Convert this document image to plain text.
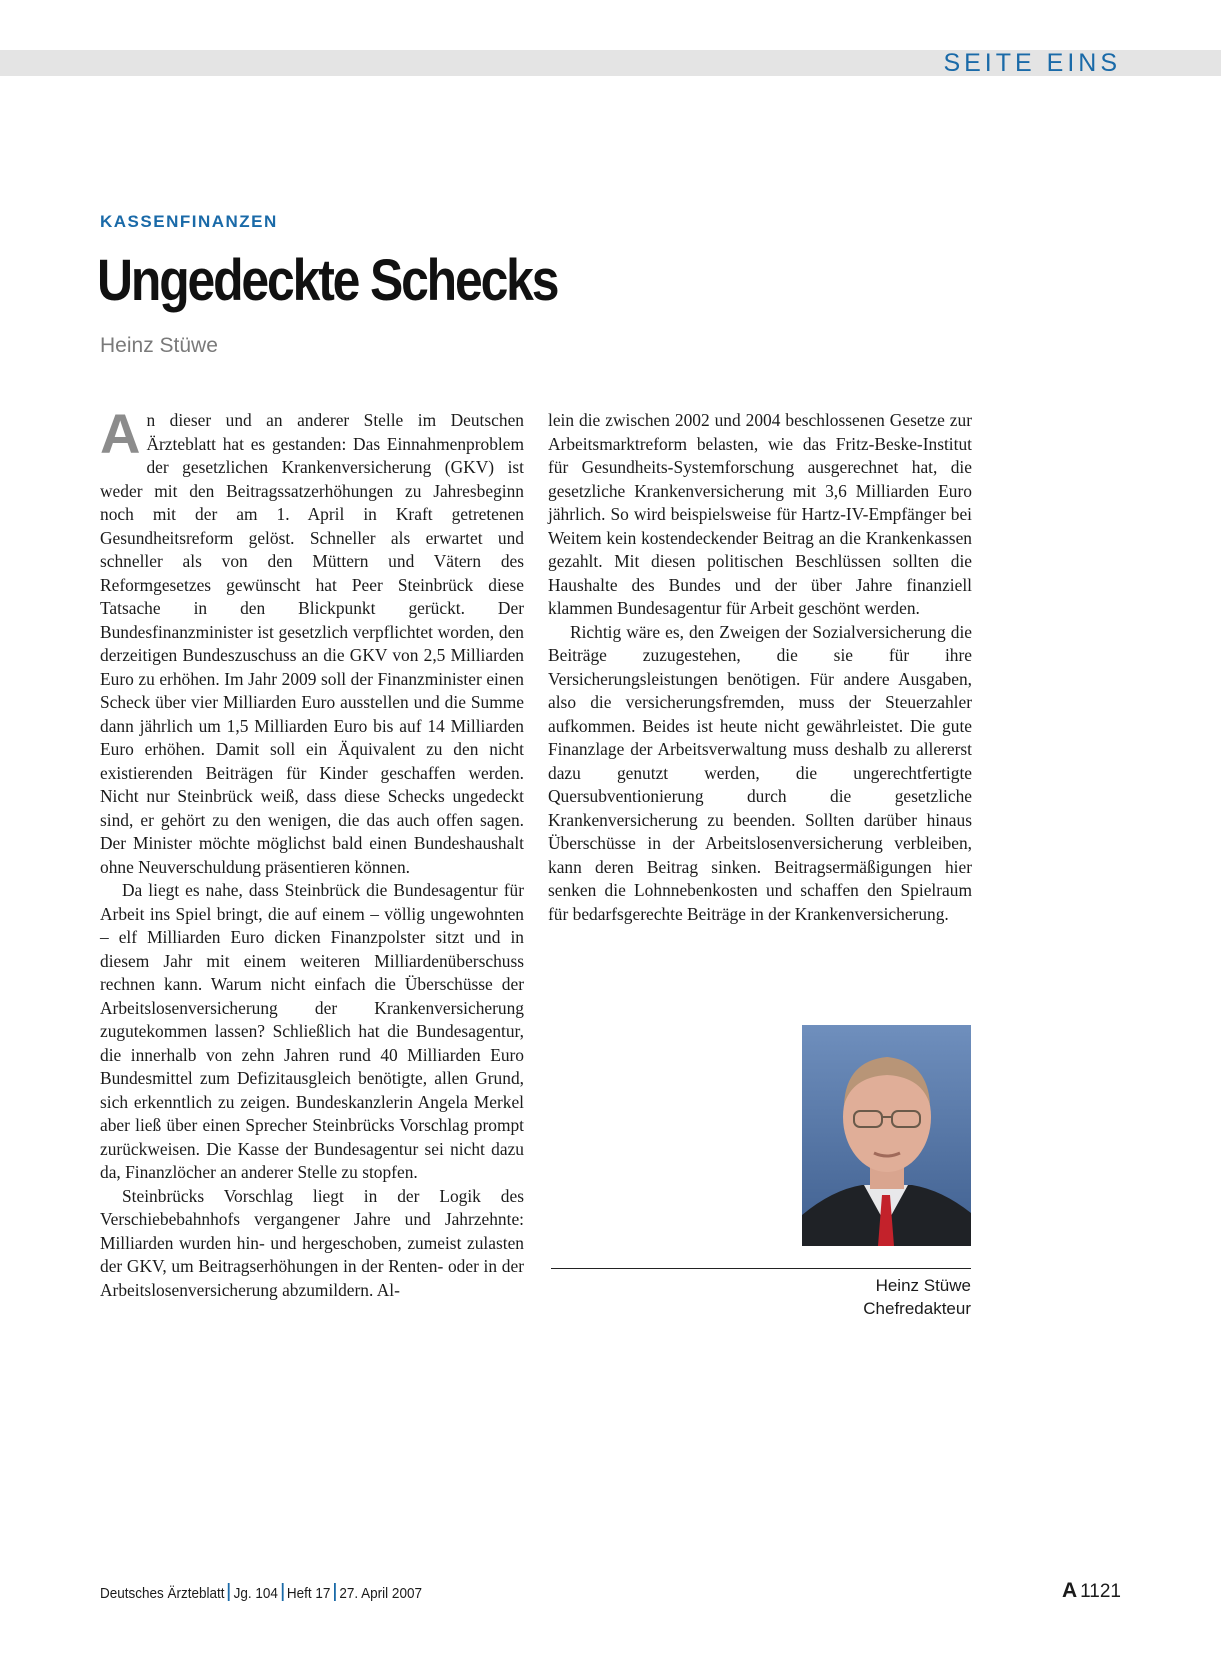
SEITE EINS
KASSENFINANZEN
Ungedeckte Schecks
Heinz Stüwe

An dieser und an anderer Stelle im Deutschen Ärzteblatt hat es gestanden: Das Einnahmenproblem der gesetzlichen Krankenversicherung (GKV) ist weder mit den Beitragssatzerhöhungen zu Jahresbeginn noch mit der am 1. April in Kraft getretenen Gesundheitsreform gelöst. Schneller als erwartet und schneller als von den Müttern und Vätern des Reformgesetzes gewünscht hat Peer Steinbrück diese Tatsache in den Blickpunkt gerückt. Der Bundesfinanzminister ist gesetzlich verpflichtet worden, den derzeitigen Bundeszuschuss an die GKV von 2,5 Milliarden Euro zu erhöhen. Im Jahr 2009 soll der Finanzminister einen Scheck über vier Milliarden Euro ausstellen und die Summe dann jährlich um 1,5 Milliarden Euro bis auf 14 Milliarden Euro erhöhen. Damit soll ein Äquivalent zu den nicht existierenden Beiträgen für Kinder geschaffen werden. Nicht nur Steinbrück weiß, dass diese Schecks ungedeckt sind, er gehört zu den wenigen, die das auch offen sagen. Der Minister möchte möglichst bald einen Bundeshaushalt ohne Neuverschuldung präsentieren können.

Da liegt es nahe, dass Steinbrück die Bundesagentur für Arbeit ins Spiel bringt, die auf einem – völlig ungewohnten – elf Milliarden Euro dicken Finanzpolster sitzt und in diesem Jahr mit einem weiteren Milliardenüberschuss rechnen kann. Warum nicht einfach die Überschüsse der Arbeitslosenversicherung der Krankenversicherung zugutekommen lassen? Schließlich hat die Bundesagentur, die innerhalb von zehn Jahren rund 40 Milliarden Euro Bundesmittel zum Defizitausgleich benötigte, allen Grund, sich erkenntlich zu zeigen. Bundeskanzlerin Angela Merkel aber ließ über einen Sprecher Steinbrücks Vorschlag prompt zurückweisen. Die Kasse der Bundesagentur sei nicht dazu da, Finanzlöcher an anderer Stelle zu stopfen.

Steinbrücks Vorschlag liegt in der Logik des Verschiebebahnhofs vergangener Jahre und Jahrzehnte: Milliarden wurden hin- und hergeschoben, zumeist zulasten der GKV, um Beitragserhöhungen in der Renten- oder in der Arbeitslosenversicherung abzumildern. Al-

lein die zwischen 2002 und 2004 beschlossenen Gesetze zur Arbeitsmarktreform belasten, wie das Fritz-Beske-Institut für Gesundheits-Systemforschung ausgerechnet hat, die gesetzliche Krankenversicherung mit 3,6 Milliarden Euro jährlich. So wird beispielsweise für Hartz-IV-Empfänger bei Weitem kein kostendeckender Beitrag an die Krankenkassen gezahlt. Mit diesen politischen Beschlüssen sollten die Haushalte des Bundes und der über Jahre finanziell klammen Bundesagentur für Arbeit geschönt werden.

Richtig wäre es, den Zweigen der Sozialversicherung die Beiträge zuzugestehen, die sie für ihre Versicherungsleistungen benötigen. Für andere Ausgaben, also die versicherungsfremden, muss der Steuerzahler aufkommen. Beides ist heute nicht gewährleistet. Die gute Finanzlage der Arbeitsverwaltung muss deshalb zu allererst dazu genutzt werden, die ungerechtfertigte Quersubventionierung durch die gesetzliche Krankenversicherung zu beenden. Sollten darüber hinaus Überschüsse in der Arbeitslosenversicherung verbleiben, kann deren Beitrag sinken. Beitragsermäßigungen hier senken die Lohnnebenkosten und schaffen den Spielraum für bedarfsgerechte Beiträge in der Krankenversicherung.

Heinz Stüwe
Chefredakteur
Deutsches Ärzteblatt Jg. 104 Heft 17 27. April 2007	A 1121
